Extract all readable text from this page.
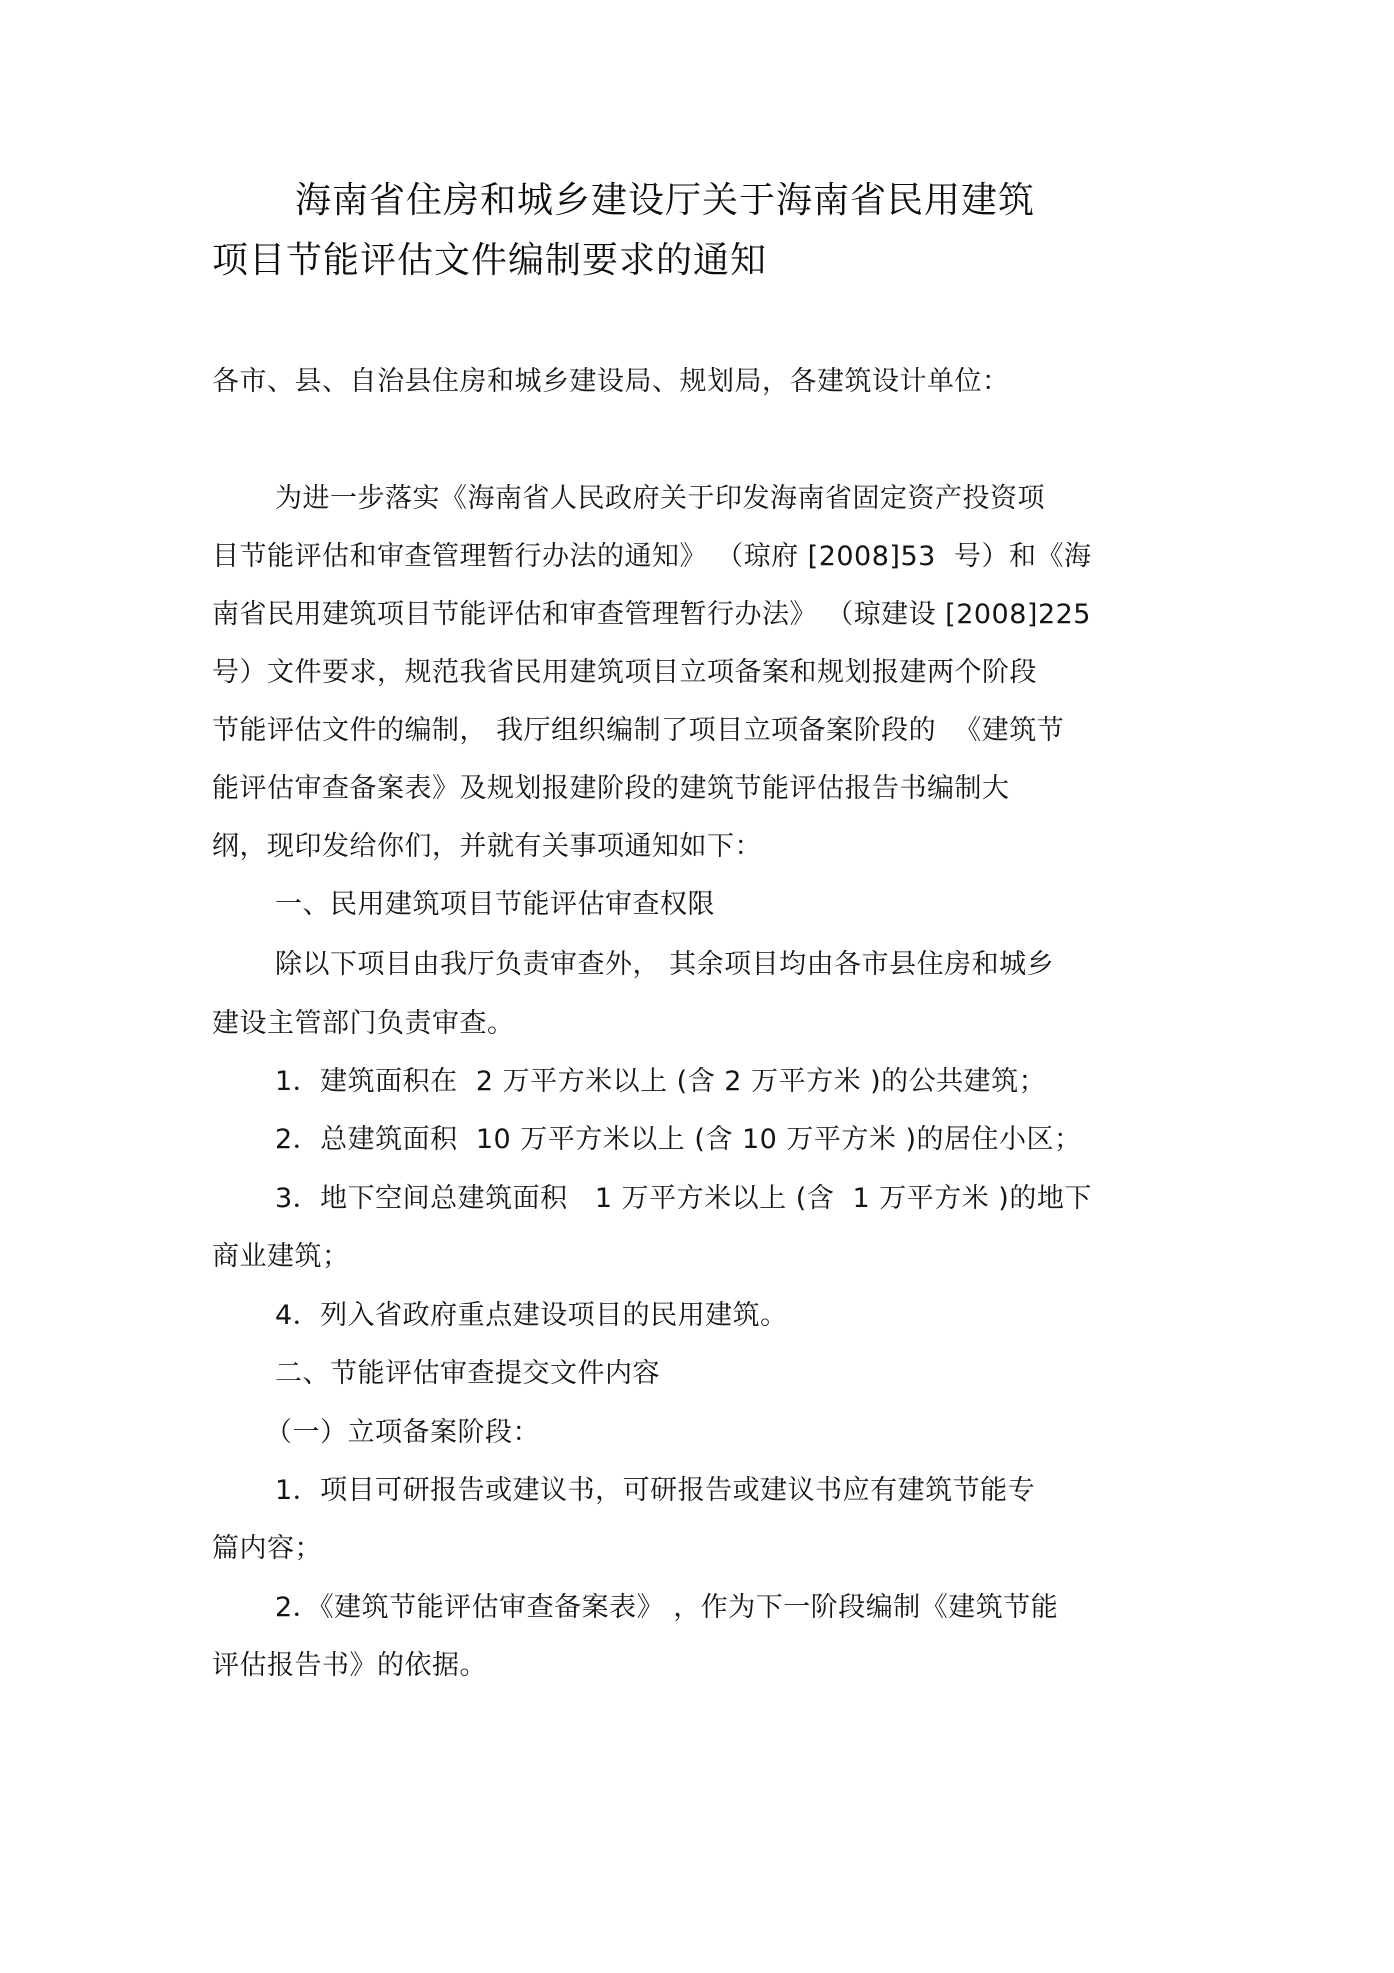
海南省住房和城乡建设厅关于海南省民用建筑
项目节能评估文件编制要求的通知
各市、县、自治县住房和城乡建设局、规划局，各建筑设计单位：
为进一步落实《海南省人民政府关于印发海南省固定资产投资项
目节能评估和审查管理暂行办法的通知》 （琼府 [2008]53  号）和《海
南省民用建筑项目节能评估和审查管理暂行办法》 （琼建设 [2008]225
号）文件要求，规范我省民用建筑项目立项备案和规划报建两个阶段
节能评估文件的编制， 我厅组织编制了项目立项备案阶段的  《建筑节
能评估审查备案表》及规划报建阶段的建筑节能评估报告书编制大
纲，现印发给你们，并就有关事项通知如下：
一、民用建筑项目节能评估审查权限
除以下项目由我厅负责审查外， 其余项目均由各市县住房和城乡
建设主管部门负责审查。
1．建筑面积在  2 万平方米以上 (含 2 万平方米 )的公共建筑；
2．总建筑面积  10 万平方米以上 (含 10 万平方米 )的居住小区；
3．地下空间总建筑面积   1 万平方米以上 (含  1 万平方米 )的地下
商业建筑；
4．列入省政府重点建设项目的民用建筑。
二、节能评估审查提交文件内容
（一）立项备案阶段：
1．项目可研报告或建议书，可研报告或建议书应有建筑节能专
篇内容；
2．《建筑节能评估审查备案表》 ，作为下一阶段编制《建筑节能
评估报告书》的依据。
